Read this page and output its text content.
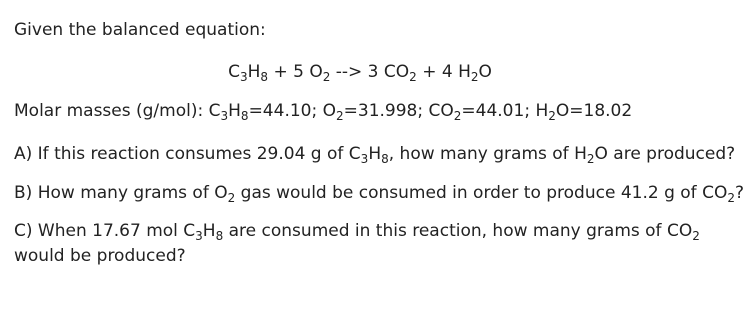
Given the balanced equation:
$C_3H_8 + 5$ $O_2$ --> 3 $CO_2 + 4$ $H_2O$
Molar masses (g/mol): $C_3H_8=44.10$; $O_2=31.998$; $CO_2=44.01$; $H_2O=18.02$
A) If this reaction consumes 29.04 g of $C_3H_8$, how many grams of $H_2O$ are produced?
B) How many grams of $O_2$ gas would be consumed in order to produce 41.2 g of $CO_2$?
C) When 17.67 mol $C_3H_8$ are consumed in this reaction, how many grams of $CO_2$
would be produced?
